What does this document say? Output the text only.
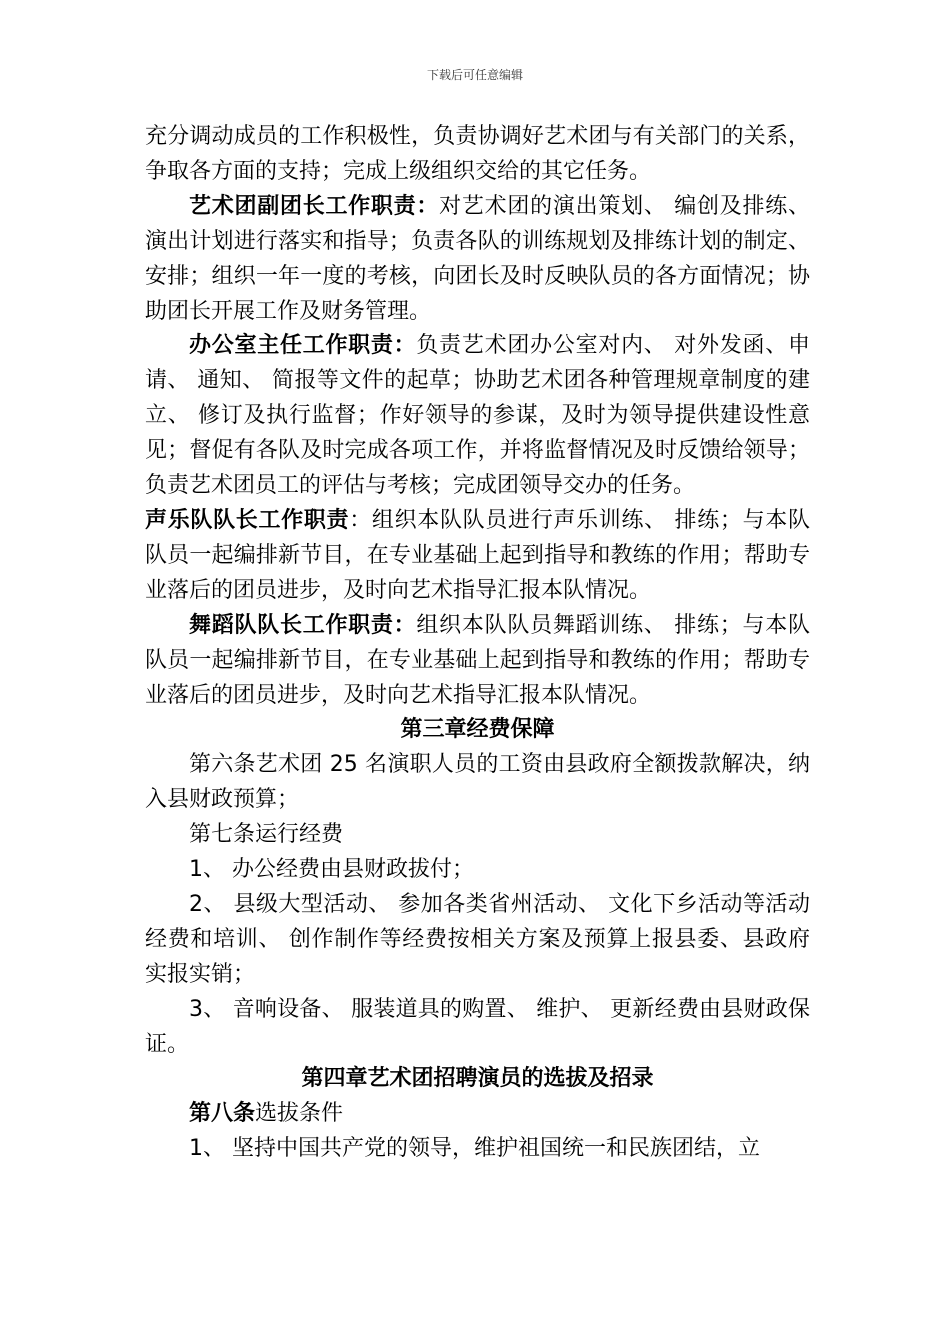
下载后可任意编辑

充分调动成员的工作积极性，负责协调好艺术团与有关部门的关系，争取各方面的支持；完成上级组织交给的其它任务。

艺术团副团长工作职责：对艺术团的演出策划、 编创及排练、 演出计划进行落实和指导；负责各队的训练规划及排练计划的制定、 安排；组织一年一度的考核，向团长及时反映队员的各方面情况；协助团长开展工作及财务管理。

办公室主任工作职责：负责艺术团办公室对内、 对外发函、申请、 通知、 简报等文件的起草；协助艺术团各种管理规章制度的建立、 修订及执行监督；作好领导的参谋，及时为领导提供建设性意见；督促有各队及时完成各项工作，并将监督情况及时反馈给领导；负责艺术团员工的评估与考核；完成团领导交办的任务。

声乐队队长工作职责：组织本队队员进行声乐训练、 排练；与本队队员一起编排新节目，在专业基础上起到指导和教练的作用；帮助专业落后的团员进步，及时向艺术指导汇报本队情况。

舞蹈队队长工作职责：组织本队队员舞蹈训练、 排练；与本队队员一起编排新节目，在专业基础上起到指导和教练的作用；帮助专业落后的团员进步，及时向艺术指导汇报本队情况。

第三章经费保障

第六条艺术团 25 名演职人员的工资由县政府全额拨款解决，纳入县财政预算；

第七条运行经费

1、 办公经费由县财政拔付；

2、 县级大型活动、 参加各类省州活动、 文化下乡活动等活动经费和培训、 创作制作等经费按相关方案及预算上报县委、县政府实报实销；

3、 音响设备、 服装道具的购置、 维护、 更新经费由县财政保证。

第四章艺术团招聘演员的选拔及招录

第八条选拔条件

1、 坚持中国共产党的领导，维护祖国统一和民族团结，立
